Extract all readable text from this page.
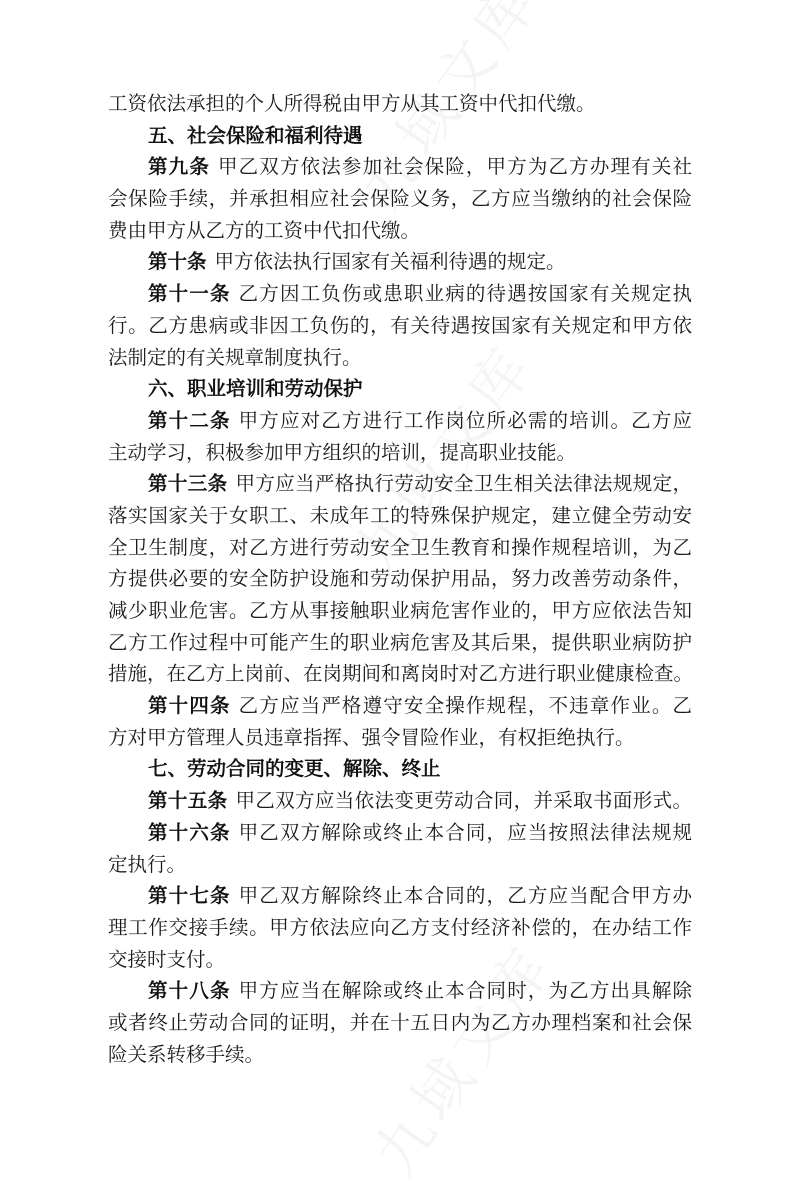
工资依法承担的个人所得税由甲方从其工资中代扣代缴。
五、社会保险和福利待遇
第九条 甲乙双方依法参加社会保险，甲方为乙方办理有关社
会保险手续，并承担相应社会保险义务，乙方应当缴纳的社会保险
费由甲方从乙方的工资中代扣代缴。
第十条 甲方依法执行国家有关福利待遇的规定。
第十一条 乙方因工负伤或患职业病的待遇按国家有关规定执
行。乙方患病或非因工负伤的，有关待遇按国家有关规定和甲方依
法制定的有关规章制度执行。
六、职业培训和劳动保护
第十二条 甲方应对乙方进行工作岗位所必需的培训。乙方应
主动学习，积极参加甲方组织的培训，提高职业技能。
第十三条 甲方应当严格执行劳动安全卫生相关法律法规规定，
落实国家关于女职工、未成年工的特殊保护规定，建立健全劳动安
全卫生制度，对乙方进行劳动安全卫生教育和操作规程培训，为乙
方提供必要的安全防护设施和劳动保护用品，努力改善劳动条件，
减少职业危害。乙方从事接触职业病危害作业的，甲方应依法告知
乙方工作过程中可能产生的职业病危害及其后果，提供职业病防护
措施，在乙方上岗前、在岗期间和离岗时对乙方进行职业健康检查。
第十四条 乙方应当严格遵守安全操作规程，不违章作业。乙
方对甲方管理人员违章指挥、强令冒险作业，有权拒绝执行。
七、劳动合同的变更、解除、终止
第十五条 甲乙双方应当依法变更劳动合同，并采取书面形式。
第十六条 甲乙双方解除或终止本合同，应当按照法律法规规
定执行。
第十七条 甲乙双方解除终止本合同的，乙方应当配合甲方办
理工作交接手续。甲方依法应向乙方支付经济补偿的，在办结工作
交接时支付。
第十八条 甲方应当在解除或终止本合同时，为乙方出具解除
或者终止劳动合同的证明，并在十五日内为乙方办理档案和社会保
险关系转移手续。
